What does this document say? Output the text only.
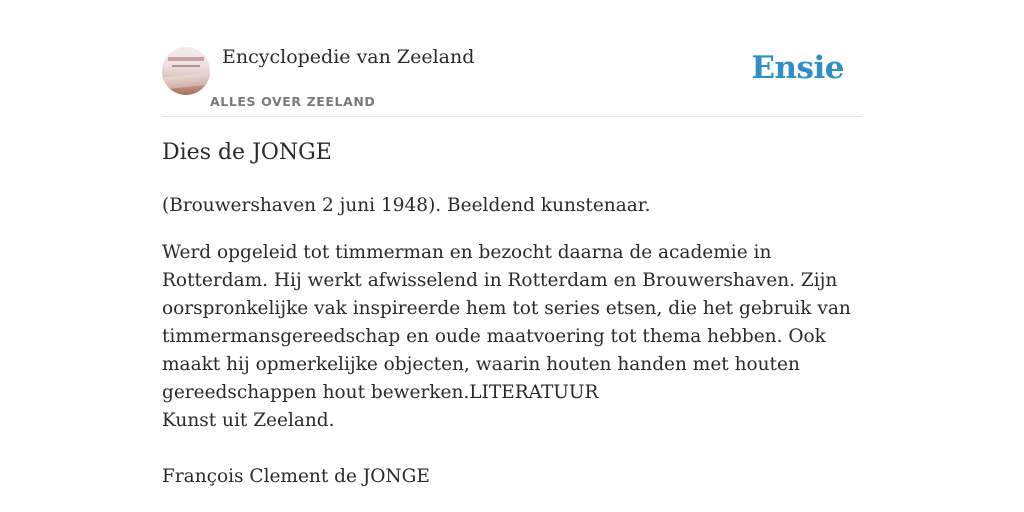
Encyclopedie van Zeeland
ALLES OVER ZEELAND
Ensie
Dies de JONGE

(Brouwershaven 2 juni 1948). Beeldend kunstenaar.

Werd opgeleid tot timmerman en bezocht daarna de academie in Rotterdam. Hij werkt afwisselend in Rotterdam en Brouwershaven. Zijn oorspronkelijke vak inspireerde hem tot series etsen, die het gebruik van timmermansgereedschap en oude maatvoering tot thema hebben. Ook maakt hij opmerkelijke objecten, waarin houten handen met houten gereedschappen hout bewerken.LITERATUUR

Kunst uit Zeeland.

François Clement de JONGE
